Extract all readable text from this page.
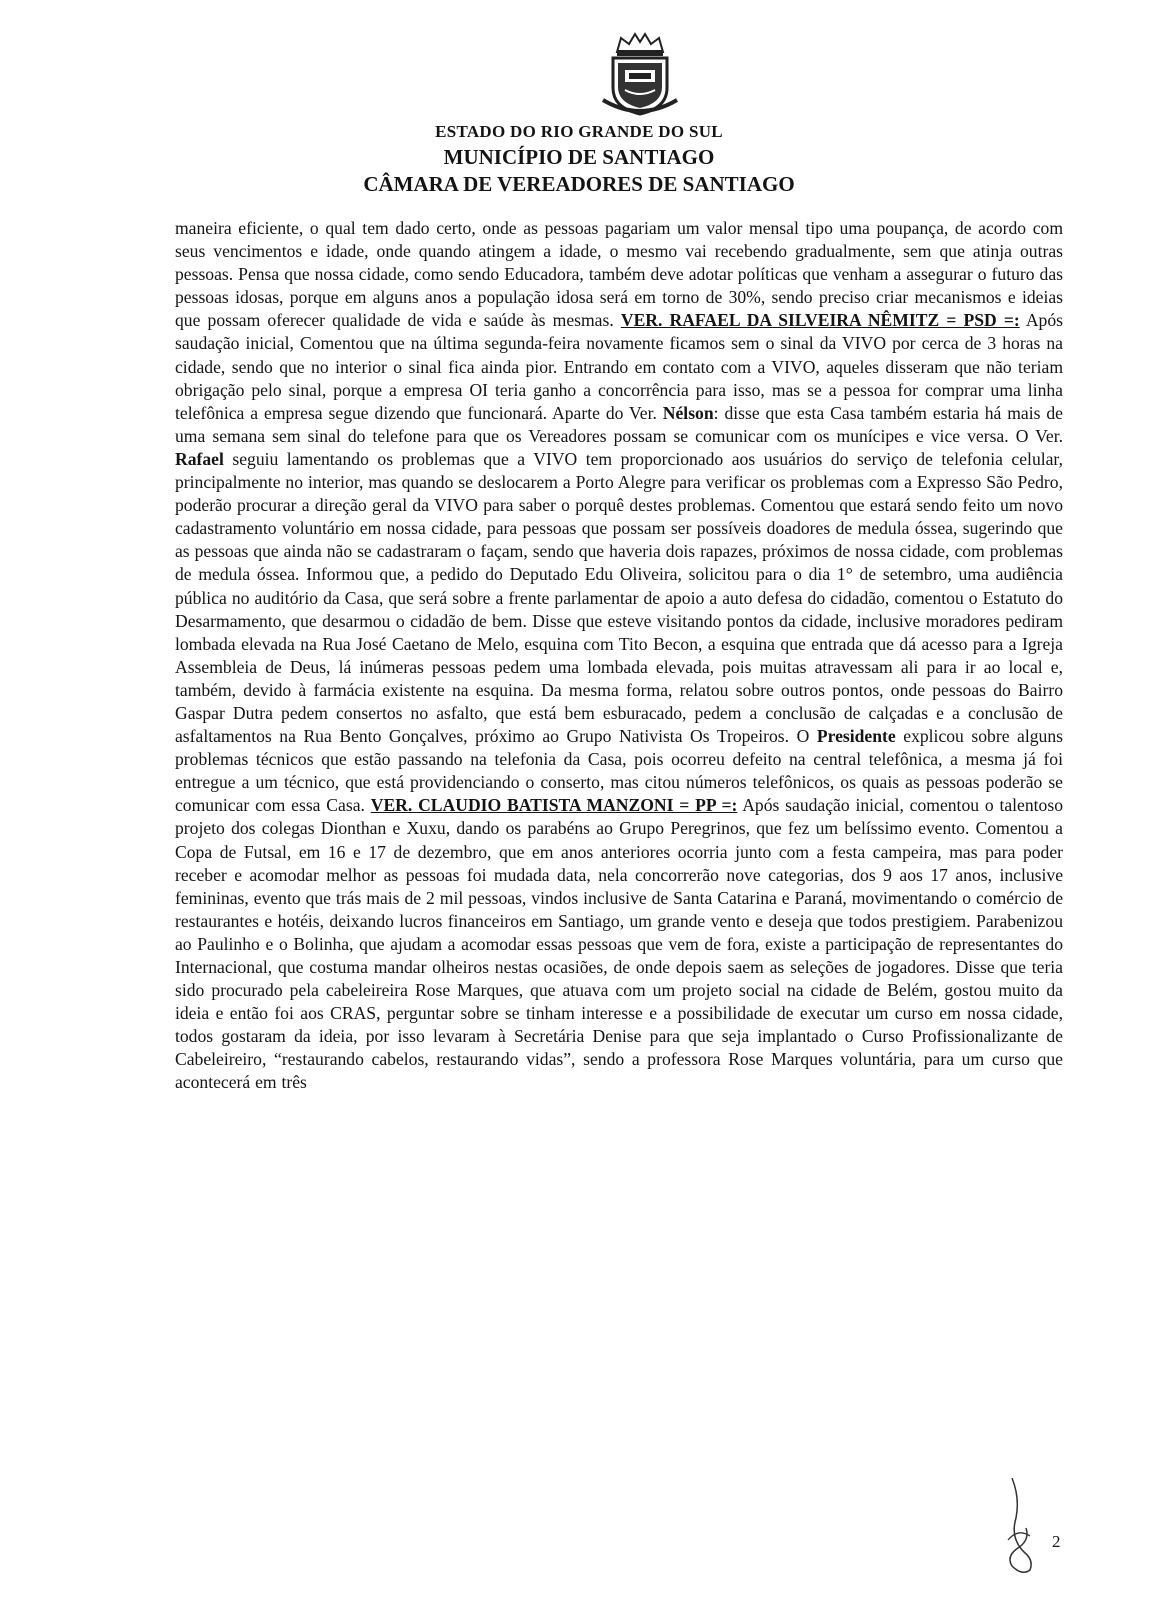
ESTADO DO RIO GRANDE DO SUL
MUNICÍPIO DE SANTIAGO
CÂMARA DE VEREADORES DE SANTIAGO
maneira eficiente, o qual tem dado certo, onde as pessoas pagariam um valor mensal tipo uma poupança, de acordo com seus vencimentos e idade, onde quando atingem a idade, o mesmo vai recebendo gradualmente, sem que atinja outras pessoas. Pensa que nossa cidade, como sendo Educadora, também deve adotar políticas que venham a assegurar o futuro das pessoas idosas, porque em alguns anos a população idosa será em torno de 30%, sendo preciso criar mecanismos e ideias que possam oferecer qualidade de vida e saúde às mesmas. VER. RAFAEL DA SILVEIRA NÊMITZ = PSD =: Após saudação inicial, Comentou que na última segunda-feira novamente ficamos sem o sinal da VIVO por cerca de 3 horas na cidade, sendo que no interior o sinal fica ainda pior. Entrando em contato com a VIVO, aqueles disseram que não teriam obrigação pelo sinal, porque a empresa OI teria ganho a concorrência para isso, mas se a pessoa for comprar uma linha telefônica a empresa segue dizendo que funcionará. Aparte do Ver. Nélson: disse que esta Casa também estaria há mais de uma semana sem sinal do telefone para que os Vereadores possam se comunicar com os munícipes e vice versa. O Ver. Rafael seguiu lamentando os problemas que a VIVO tem proporcionado aos usuários do serviço de telefonia celular, principalmente no interior, mas quando se deslocarem a Porto Alegre para verificar os problemas com a Expresso São Pedro, poderão procurar a direção geral da VIVO para saber o porquê destes problemas. Comentou que estará sendo feito um novo cadastramento voluntário em nossa cidade, para pessoas que possam ser possíveis doadores de medula óssea, sugerindo que as pessoas que ainda não se cadastraram o façam, sendo que haveria dois rapazes, próximos de nossa cidade, com problemas de medula óssea. Informou que, a pedido do Deputado Edu Oliveira, solicitou para o dia 1° de setembro, uma audiência pública no auditório da Casa, que será sobre a frente parlamentar de apoio a auto defesa do cidadão, comentou o Estatuto do Desarmamento, que desarmou o cidadão de bem. Disse que esteve visitando pontos da cidade, inclusive moradores pediram lombada elevada na Rua José Caetano de Melo, esquina com Tito Becon, a esquina que entrada que dá acesso para a Igreja Assembleia de Deus, lá inúmeras pessoas pedem uma lombada elevada, pois muitas atravessam ali para ir ao local e, também, devido à farmácia existente na esquina. Da mesma forma, relatou sobre outros pontos, onde pessoas do Bairro Gaspar Dutra pedem consertos no asfalto, que está bem esburacado, pedem a conclusão de calçadas e a conclusão de asfaltamentos na Rua Bento Gonçalves, próximo ao Grupo Nativista Os Tropeiros. O Presidente explicou sobre alguns problemas técnicos que estão passando na telefonia da Casa, pois ocorreu defeito na central telefônica, a mesma já foi entregue a um técnico, que está providenciando o conserto, mas citou números telefônicos, os quais as pessoas poderão se comunicar com essa Casa. VER. CLAUDIO BATISTA MANZONI = PP =: Após saudação inicial, comentou o talentoso projeto dos colegas Dionthan e Xuxu, dando os parabéns ao Grupo Peregrinos, que fez um belíssimo evento. Comentou a Copa de Futsal, em 16 e 17 de dezembro, que em anos anteriores ocorria junto com a festa campeira, mas para poder receber e acomodar melhor as pessoas foi mudada data, nela concorrerão nove categorias, dos 9 aos 17 anos, inclusive femininas, evento que trás mais de 2 mil pessoas, vindos inclusive de Santa Catarina e Paraná, movimentando o comércio de restaurantes e hotéis, deixando lucros financeiros em Santiago, um grande vento e deseja que todos prestigiem. Parabenizou ao Paulinho e o Bolinha, que ajudam a acomodar essas pessoas que vem de fora, existe a participação de representantes do Internacional, que costuma mandar olheiros nestas ocasiões, de onde depois saem as seleções de jogadores. Disse que teria sido procurado pela cabeleireira Rose Marques, que atuava com um projeto social na cidade de Belém, gostou muito da ideia e então foi aos CRAS, perguntar sobre se tinham interesse e a possibilidade de executar um curso em nossa cidade, todos gostaram da ideia, por isso levaram à Secretária Denise para que seja implantado o Curso Profissionalizante de Cabeleireiro, “restaurando cabelos, restaurando vidas”, sendo a professora Rose Marques voluntária, para um curso que acontecerá em três
2
